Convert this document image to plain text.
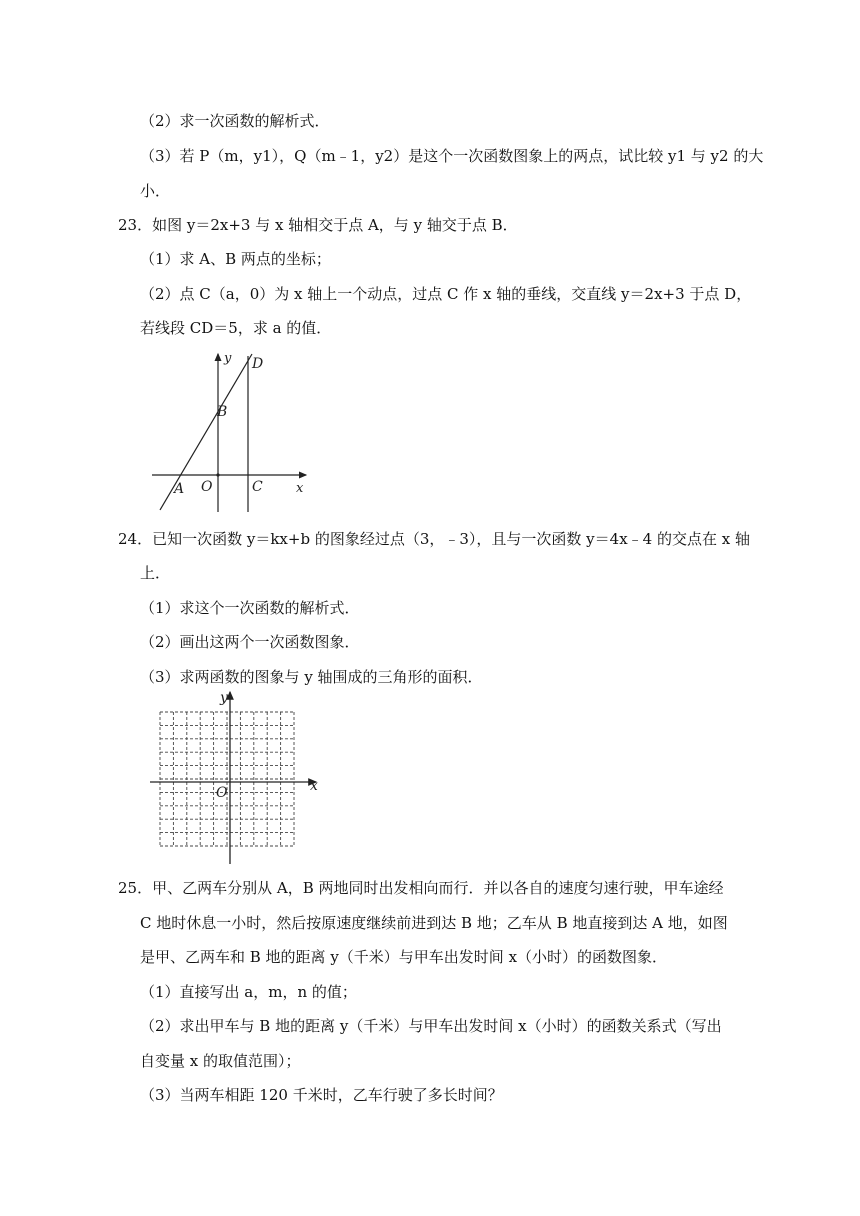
（2）求一次函数的解析式．
（3）若 P（m，y1），Q（m﹣1，y2）是这个一次函数图象上的两点，试比较 y1 与 y2 的大
小．
23．如图 y＝2x+3 与 x 轴相交于点 A，与 y 轴交于点 B．
（1）求 A、B 两点的坐标；
（2）点 C（a，0）为 x 轴上一个动点，过点 C 作 x 轴的垂线，交直线 y＝2x+3 于点 D，
若线段 CD＝5，求 a 的值．
y D
B
A O	C	x
24．已知一次函数 y＝kx+b 的图象经过点（3，﹣3），且与一次函数 y＝4x﹣4 的交点在 x 轴
上．
（1）求这个一次函数的解析式．
（2）画出这两个一次函数图象．
（3）求两函数的图象与 y 轴围成的三角形的面积．
y
x
O
25．甲、乙两车分别从 A，B 两地同时出发相向而行．并以各自的速度匀速行驶，甲车途经
C 地时休息一小时，然后按原速度继续前进到达 B 地；乙车从 B 地直接到达 A 地，如图
是甲、乙两车和 B 地的距离 y（千米）与甲车出发时间 x（小时）的函数图象．
（1）直接写出 a，m，n 的值；
（2）求出甲车与 B 地的距离 y（千米）与甲车出发时间 x（小时）的函数关系式（写出
自变量 x 的取值范围）；
（3）当两车相距 120 千米时，乙车行驶了多长时间？
